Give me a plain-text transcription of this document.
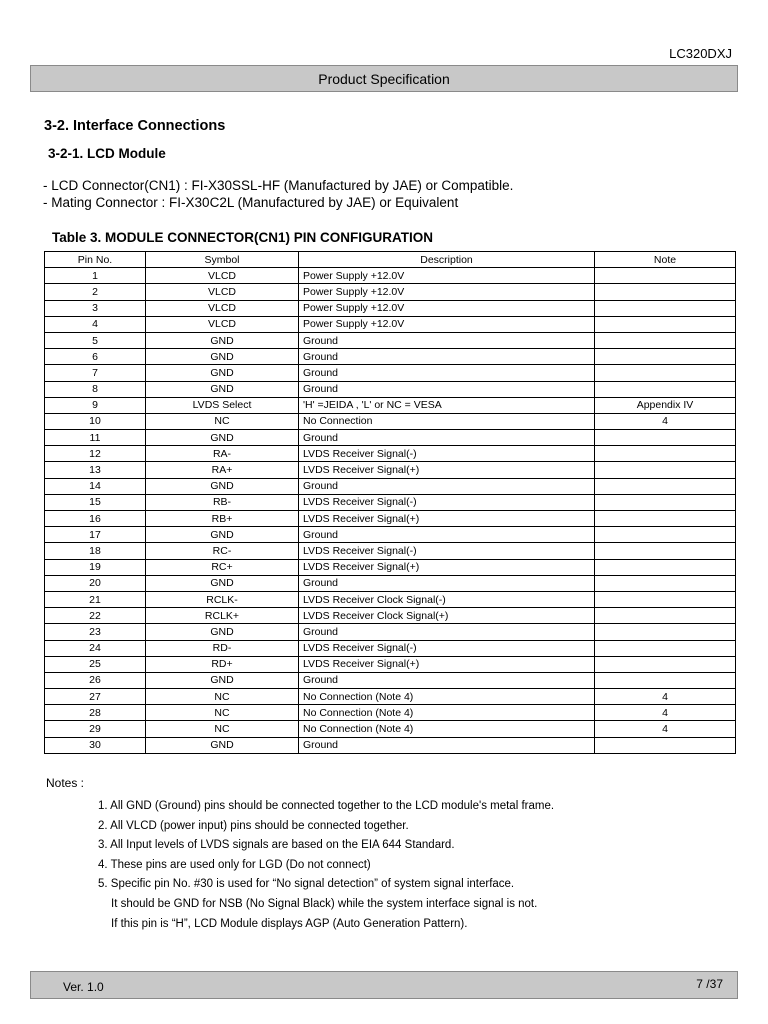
LC320DXJ
Product Specification
3-2. Interface Connections
3-2-1. LCD Module
- LCD Connector(CN1) : FI-X30SSL-HF (Manufactured by JAE) or Compatible.
- Mating Connector : FI-X30C2L (Manufactured by JAE) or Equivalent
Table 3. MODULE CONNECTOR(CN1) PIN CONFIGURATION
Pin No.	Symbol	Description	Note
1	VLCD	Power Supply +12.0V	
2	VLCD	Power Supply +12.0V	
3	VLCD	Power Supply +12.0V	
4	VLCD	Power Supply +12.0V	
5	GND	Ground	
6	GND	Ground	
7	GND	Ground	
8	GND	Ground	
9	LVDS Select	'H' =JEIDA , 'L' or NC = VESA	Appendix IV
10	NC	No Connection	4
11	GND	Ground	
12	RA-	LVDS Receiver Signal(-)	
13	RA+	LVDS Receiver Signal(+)	
14	GND	Ground	
15	RB-	LVDS Receiver Signal(-)	
16	RB+	LVDS Receiver Signal(+)	
17	GND	Ground	
18	RC-	LVDS Receiver Signal(-)	
19	RC+	LVDS Receiver Signal(+)	
20	GND	Ground	
21	RCLK-	LVDS Receiver Clock Signal(-)	
22	RCLK+	LVDS Receiver Clock Signal(+)	
23	GND	Ground	
24	RD-	LVDS Receiver Signal(-)	
25	RD+	LVDS Receiver Signal(+)	
26	GND	Ground	
27	NC	No Connection (Note 4)	4
28	NC	No Connection (Note 4)	4
29	NC	No Connection (Note 4)	4
30	GND	Ground	
Notes :
1. All GND (Ground) pins should be connected together to the LCD module's metal frame.
2. All VLCD (power input) pins should be connected together.
3. All Input levels of LVDS signals are based on the EIA 644 Standard.
4. These pins are used only for LGD (Do not connect)
5. Specific pin No. #30 is used for “No signal detection” of system signal interface.
It should be GND for NSB (No Signal Black) while the system interface signal is not.
If this pin is “H”, LCD Module displays AGP (Auto Generation Pattern).
Ver. 1.0	7 /37
